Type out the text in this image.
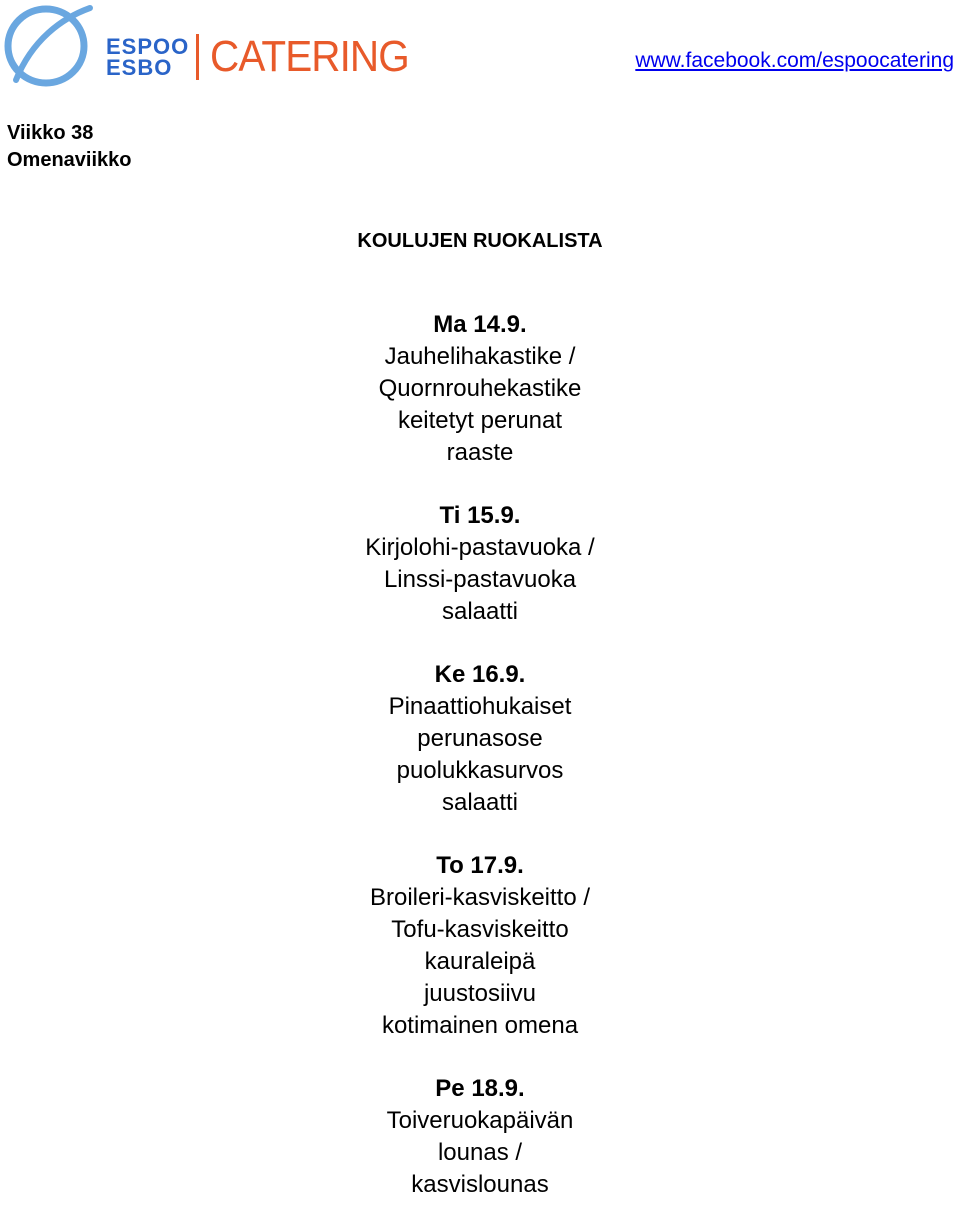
ESPOO
ESBO CATERING	www.facebook.com/espoocatering
Viikko 38
Omenaviikko
KOULUJEN RUOKALISTA
Ma 14.9.
Jauhelihakastike /
Quornrouhekastike
keitetyt perunat
raaste
Ti 15.9.
Kirjolohi-pastavuoka /
Linssi-pastavuoka
salaatti
Ke 16.9.
Pinaattiohukaiset
perunasose
puolukkasurvos
salaatti
To 17.9.
Broileri-kasviskeitto /
Tofu-kasviskeitto
kauraleipä
juustosiivu
kotimainen omena
Pe 18.9.
Toiveruokapäivän
lounas /
kasvislounas
